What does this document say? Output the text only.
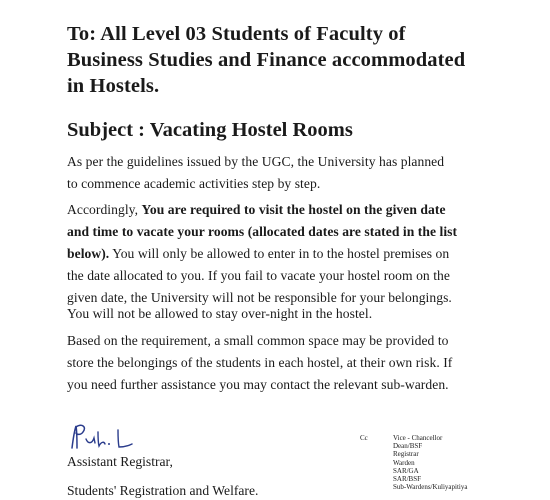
To: All Level 03 Students of Faculty of
Business Studies and Finance accommodated
in Hostels.
Subject : Vacating Hostel Rooms
As per the guidelines issued by the UGC, the University has planned
to commence academic activities step by step.
Accordingly, You are required to visit the hostel on the given date
and time to vacate your rooms (allocated dates are stated in the list
below). You will only be allowed to enter in to the hostel premises on
the date allocated to you. If you fail to vacate your hostel room on the
given date, the University will not be responsible for your belongings.
You will not be allowed to stay over-night in the hostel.
Based on the requirement, a small common space may be provided to
store the belongings of the students in each hostel, at their own risk. If
you need further assistance you may contact the relevant sub-warden.
Assistant Registrar,
Students' Registration and Welfare.
Cc	Vice - Chancellor
Dean/BSF
Registrar
Warden
SAR/GA
SAR/BSF
Sub-Wardens/Kuliyapitiya
